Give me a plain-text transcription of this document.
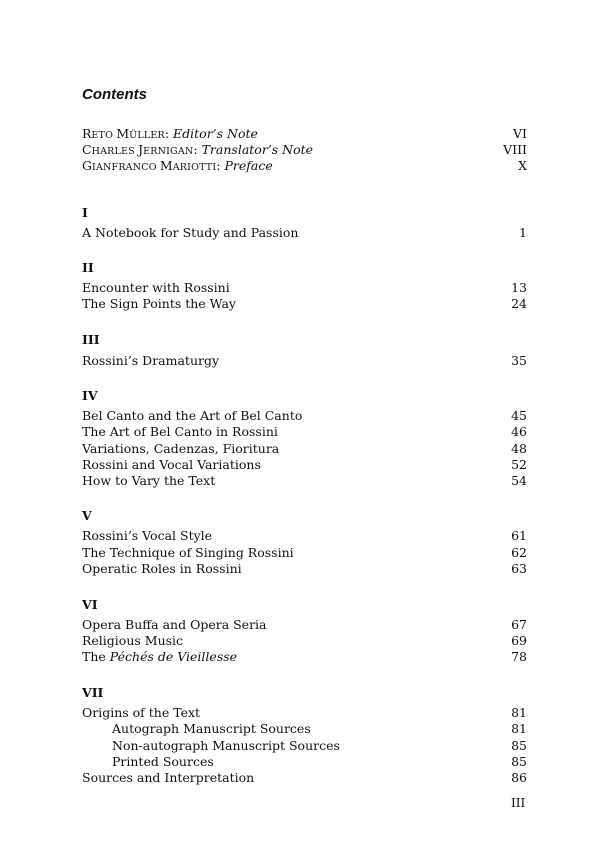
Contents
RETO MÜLLER: Editor’s Note	VI
CHARLES JERNIGAN: Translator’s Note	VIII
GIANFRANCO MARIOTTI: Preface	X
I
A Notebook for Study and Passion	1
II
Encounter with Rossini	13
The Sign Points the Way	24
III
Rossini’s Dramaturgy	35
IV
Bel Canto and the Art of Bel Canto	45
The Art of Bel Canto in Rossini	46
Variations, Cadenzas, Fioritura	48
Rossini and Vocal Variations	52
How to Vary the Text	54
V
Rossini’s Vocal Style	61
The Technique of Singing Rossini	62
Operatic Roles in Rossini	63
VI
Opera Buffa and Opera Seria	67
Religious Music	69
The Péchés de Vieillesse	78
VII
Origins of the Text	81
Autograph Manuscript Sources	81
Non-autograph Manuscript Sources	85
Printed Sources	85
Sources and Interpretation	86
III
